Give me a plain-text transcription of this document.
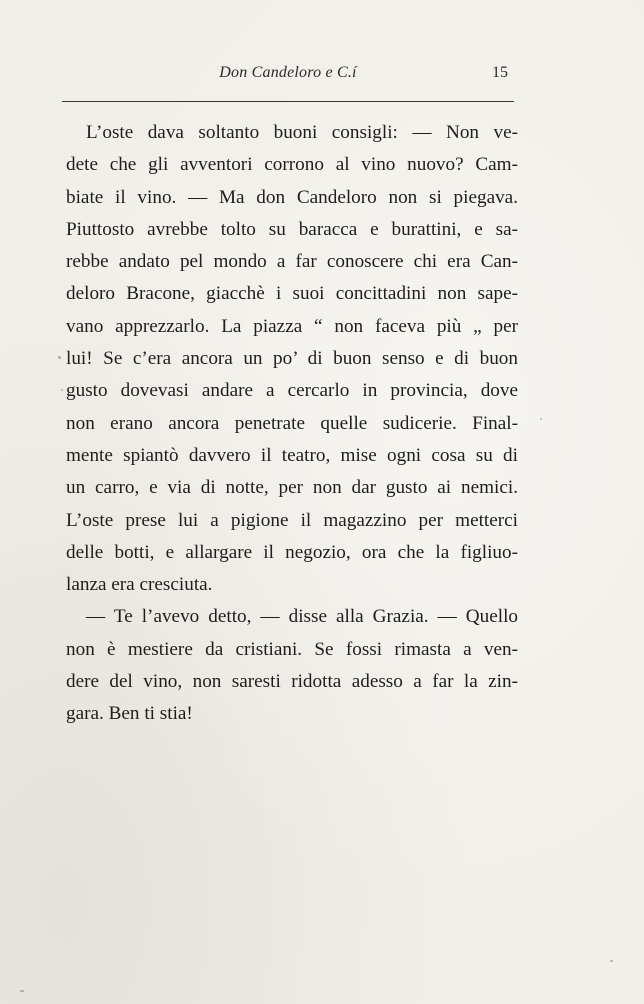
Don Candeloro e C.í	15
L’oste dava soltanto buoni consigli: — Non ve-
dete che gli avventori corrono al vino nuovo? Cam-
biate il vino. — Ma don Candeloro non si piegava.
Piuttosto avrebbe tolto su baracca e burattini, e sa-
rebbe andato pel mondo a far conoscere chi era Can-
deloro Bracone, giacchè i suoi concittadini non sape-
vano apprezzarlo. La piazza “ non faceva più „ per
lui! Se c’era ancora un po’ di buon senso e di buon
gusto dovevasi andare a cercarlo in provincia, dove
non erano ancora penetrate quelle sudicerie. Final-
mente spiantò davvero il teatro, mise ogni cosa su di
un carro, e via di notte, per non dar gusto ai nemici.
L’oste prese lui a pigione il magazzino per metterci
delle botti, e allargare il negozio, ora che la figliuo-
lanza era cresciuta.
— Te l’avevo detto, — disse alla Grazia. — Quello
non è mestiere da cristiani. Se fossi rimasta a ven-
dere del vino, non saresti ridotta adesso a far la zin-
gara. Ben ti stia!
